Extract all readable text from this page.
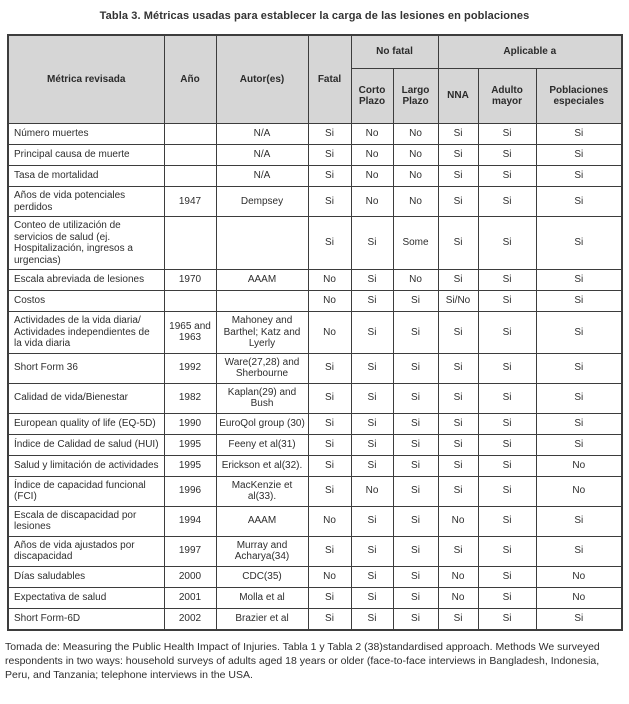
Tabla 3. Métricas usadas para establecer la carga de las lesiones en poblaciones
Métrica revisada	Año	Autor(es)	Fatal	No fatal		Aplicable a		
				Corto Plazo	Largo Plazo	NNA	Adulto mayor	Poblaciones especiales
Número muertes		N/A	Si	No	No	Si	Si	Si
Principal causa de muerte		N/A	Si	No	No	Si	Si	Si
Tasa de mortalidad		N/A	Si	No	No	Si	Si	Si
Años de vida potenciales perdidos	1947	Dempsey	Si	No	No	Si	Si	Si
Conteo de utilización de servicios de salud (ej. Hospitalización, ingresos a urgencias)			Si	Si	Some	Si	Si	Si
Escala abreviada de lesiones	1970	AAAM	No	Si	No	Si	Si	Si
Costos			No	Si	Si	Si/No	Si	Si
Actividades de la vida diaria/ Actividades independientes de la vida diaria	1965 and 1963	Mahoney and Barthel; Katz and Lyerly	No	Si	Si	Si	Si	Si
Short Form 36	1992	Ware(27,28) and Sherbourne	Si	Si	Si	Si	Si	Si
Calidad de vida/Bienestar	1982	Kaplan(29) and Bush	Si	Si	Si	Si	Si	Si
European quality of life (EQ-5D)	1990	EuroQol group (30)	Si	Si	Si	Si	Si	Si
Índice de Calidad de salud (HUI)	1995	Feeny et al(31)	Si	Si	Si	Si	Si	Si
Salud y limitación de actividades	1995	Erickson et al(32).	Si	Si	Si	Si	Si	No
Índice de capacidad funcional (FCI)	1996	MacKenzie et al(33).	Si	No	Si	Si	Si	No
Escala de discapacidad por lesiones	1994	AAAM	No	Si	Si	No	Si	Si
Años de vida ajustados por discapacidad	1997	Murray and Acharya(34)	Si	Si	Si	Si	Si	Si
Días saludables	2000	CDC(35)	No	Si	Si	No	Si	No
Expectativa de salud	2001	Molla et al	Si	Si	Si	No	Si	No
Short Form-6D	2002	Brazier et al	Si	Si	Si	Si	Si	Si

Tomada de: Measuring the Public Health Impact of Injuries. Tabla 1 y Tabla 2 (38)standardised approach. Methods We surveyed respondents in two ways: household surveys of adults aged 18 years or older (face-to-face interviews in Bangladesh, Indonesia, Peru, and Tanzania; telephone interviews in the USA.
